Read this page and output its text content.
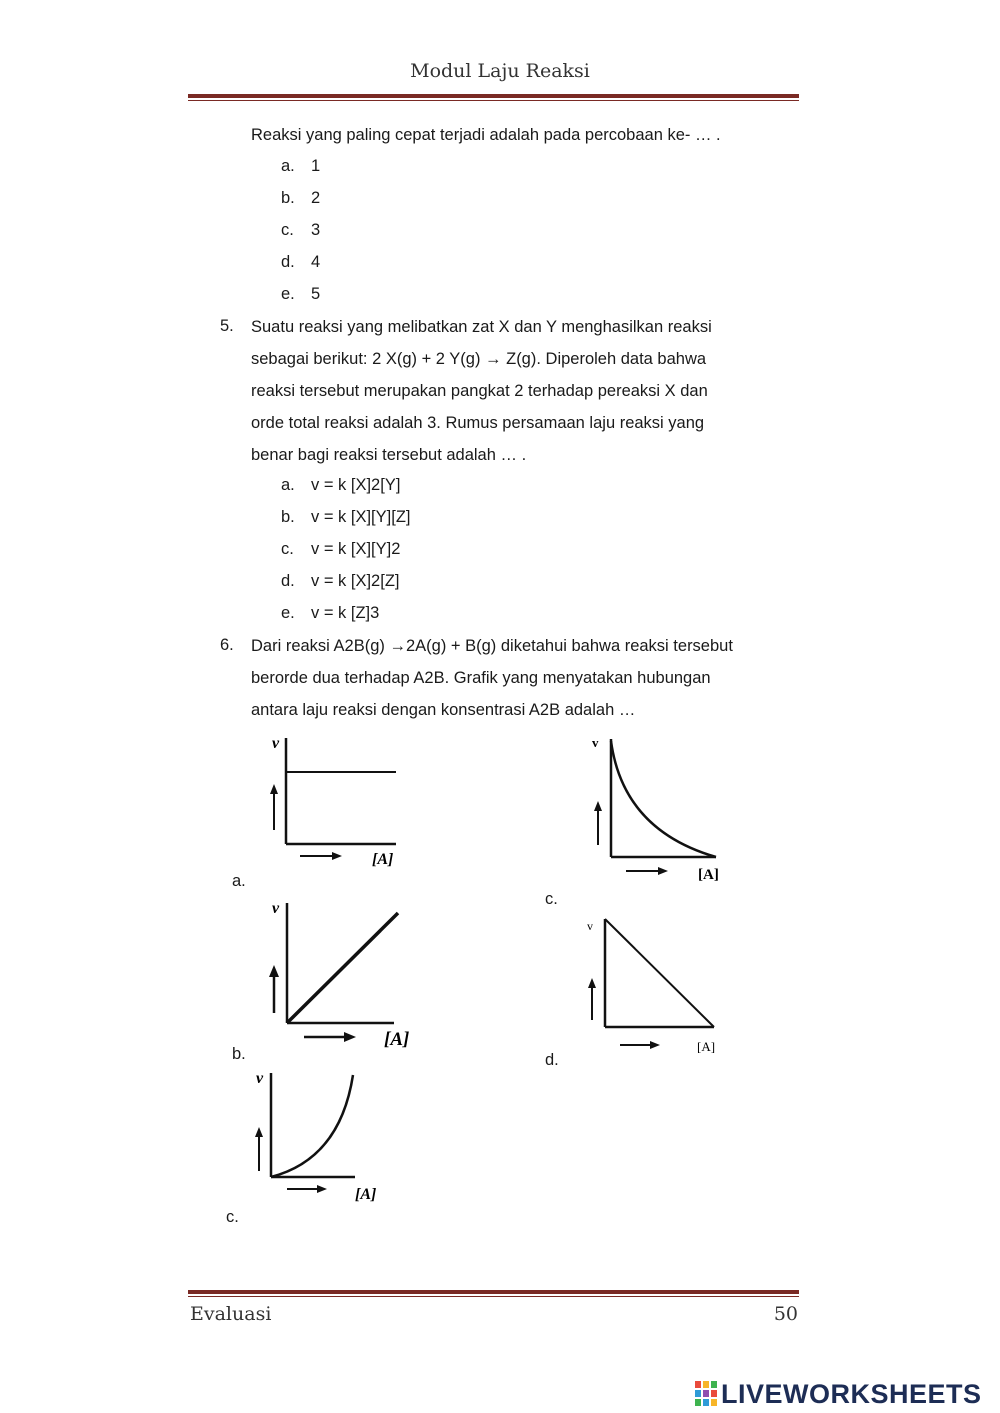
Modul Laju Reaksi
Reaksi yang paling cepat terjadi adalah pada percobaan ke- … .
a. 1
b. 2
c. 3
d. 4
e. 5
5. Suatu reaksi yang melibatkan zat X dan Y menghasilkan reaksi
sebagai berikut: 2 X(g) + 2 Y(g) → Z(g). Diperoleh data bahwa
reaksi tersebut merupakan pangkat 2 terhadap pereaksi X dan
orde total reaksi adalah 3. Rumus persamaan laju reaksi yang
benar bagi reaksi tersebut adalah … .
a. v = k [X]2[Y]
b. v = k [X][Y][Z]
c. v = k [X][Y]2
d. v = k [X]2[Z]
e. v = k [Z]3
6. Dari reaksi A2B(g) →2A(g) + B(g) diketahui bahwa reaksi tersebut
berorde dua terhadap A2B. Grafik yang menyatakan hubungan
antara laju reaksi dengan konsentrasi A2B adalah …
v
[A]
a.
v
[A]
c.
v
[A]
b.
v
[A]
d.
v
[A]
c.
Evaluasi	50
LIVEWORKSHEETS
